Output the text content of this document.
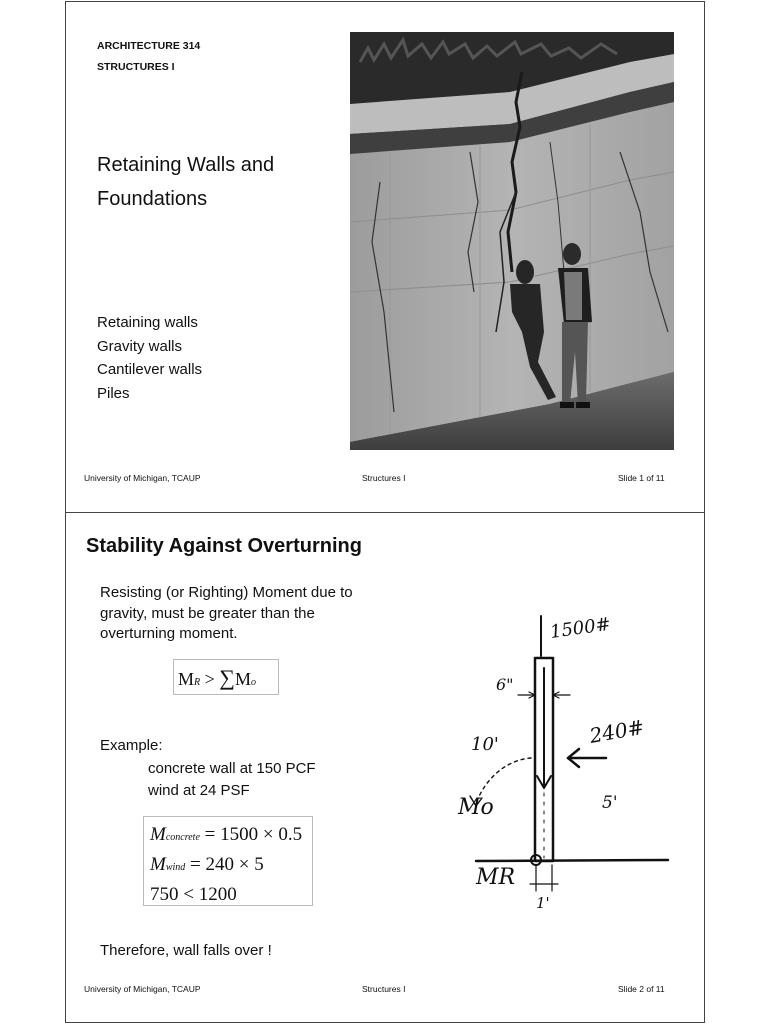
ARCHITECTURE 314
STRUCTURES I
Retaining Walls and
Foundations
Retaining walls
Gravity walls
Cantilever walls
Piles
University of Michigan, TCAUP	Structures I	Slide 1 of 11
Stability Against Overturning
Resisting (or Righting) Moment due to
gravity, must be greater than the
overturning moment.
MR > ∑Mo
Example:
concrete wall at 150 PCF
wind at 24 PSF
Mconcrete = 1500 × 0.5
Mwind = 240 × 5
750 < 1200
Therefore, wall falls over !
1500#
6"
10'	240#
5'
Mo
MR
1'
University of Michigan, TCAUP	Structures I	Slide 2 of 11
